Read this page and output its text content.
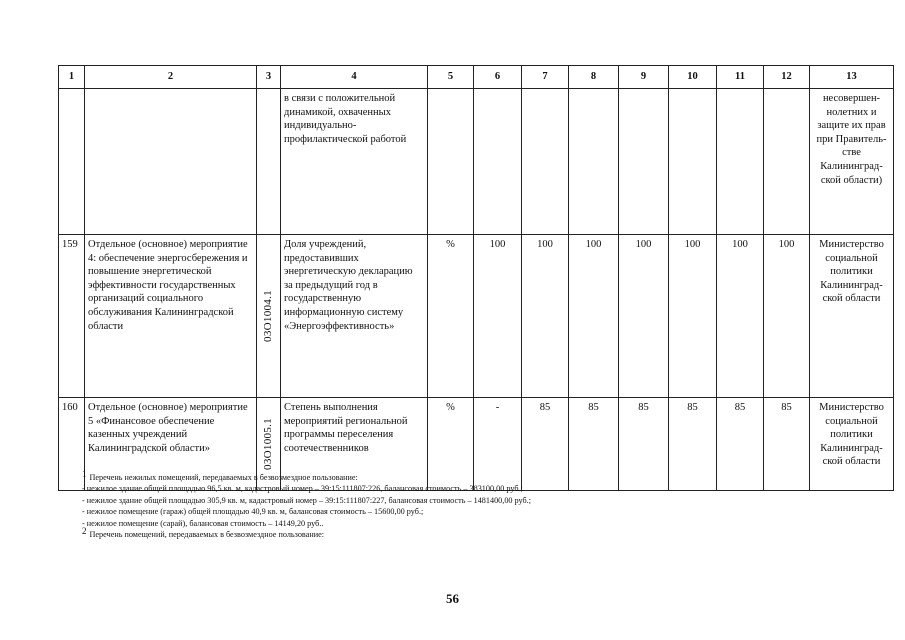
1	2	3	4	5	6	7	8	9	10	11	12	13

	в связи с положительной динамикой, охваченных индивидуально-профилактической работой									несовершен-нолетних и защите их прав при Правитель-стве Калининград-ской области)
159	Отдельное (основное) мероприятие 4: обеспечение энергосбережения и повышение энергетической эффективности государственных организаций социального обслуживания Калининградской области	03О1004.1	Доля учреждений, предоставивших энергетическую декларацию за предыдущий год в государственную информационную систему «Энергоэффективность»	%	100	100	100	100	100	100	100	Министерство социальной политики Калининград-ской области
160	Отдельное (основное) мероприятие 5 «Финансовое обеспечение казенных учреждений Калининградской области»	03О1005.1	Степень выполнения мероприятий региональной программы переселения соотечественников	%	-	85	85	85	85	85	85	Министерство социальной политики Калининград-ской области
1 Перечень нежилых помещений, передаваемых в безвозмездное пользование:
- нежилое здание общей площадью 96,5 кв. м, кадастровый номер – 39:15:111807:226, балансовая стоимость – 383100,00 руб.;
- нежилое здание общей площадью 305,9 кв. м, кадастровый номер – 39:15:111807:227, балансовая стоимость – 1481400,00 руб.;
- нежилое помещение (гараж) общей площадью 40,9 кв. м, балансовая стоимость – 15600,00 руб.;
- нежилое помещение (сарай), балансовая стоимость – 14149,20 руб..
2 Перечень помещений, передаваемых в безвозмездное пользование:
56
